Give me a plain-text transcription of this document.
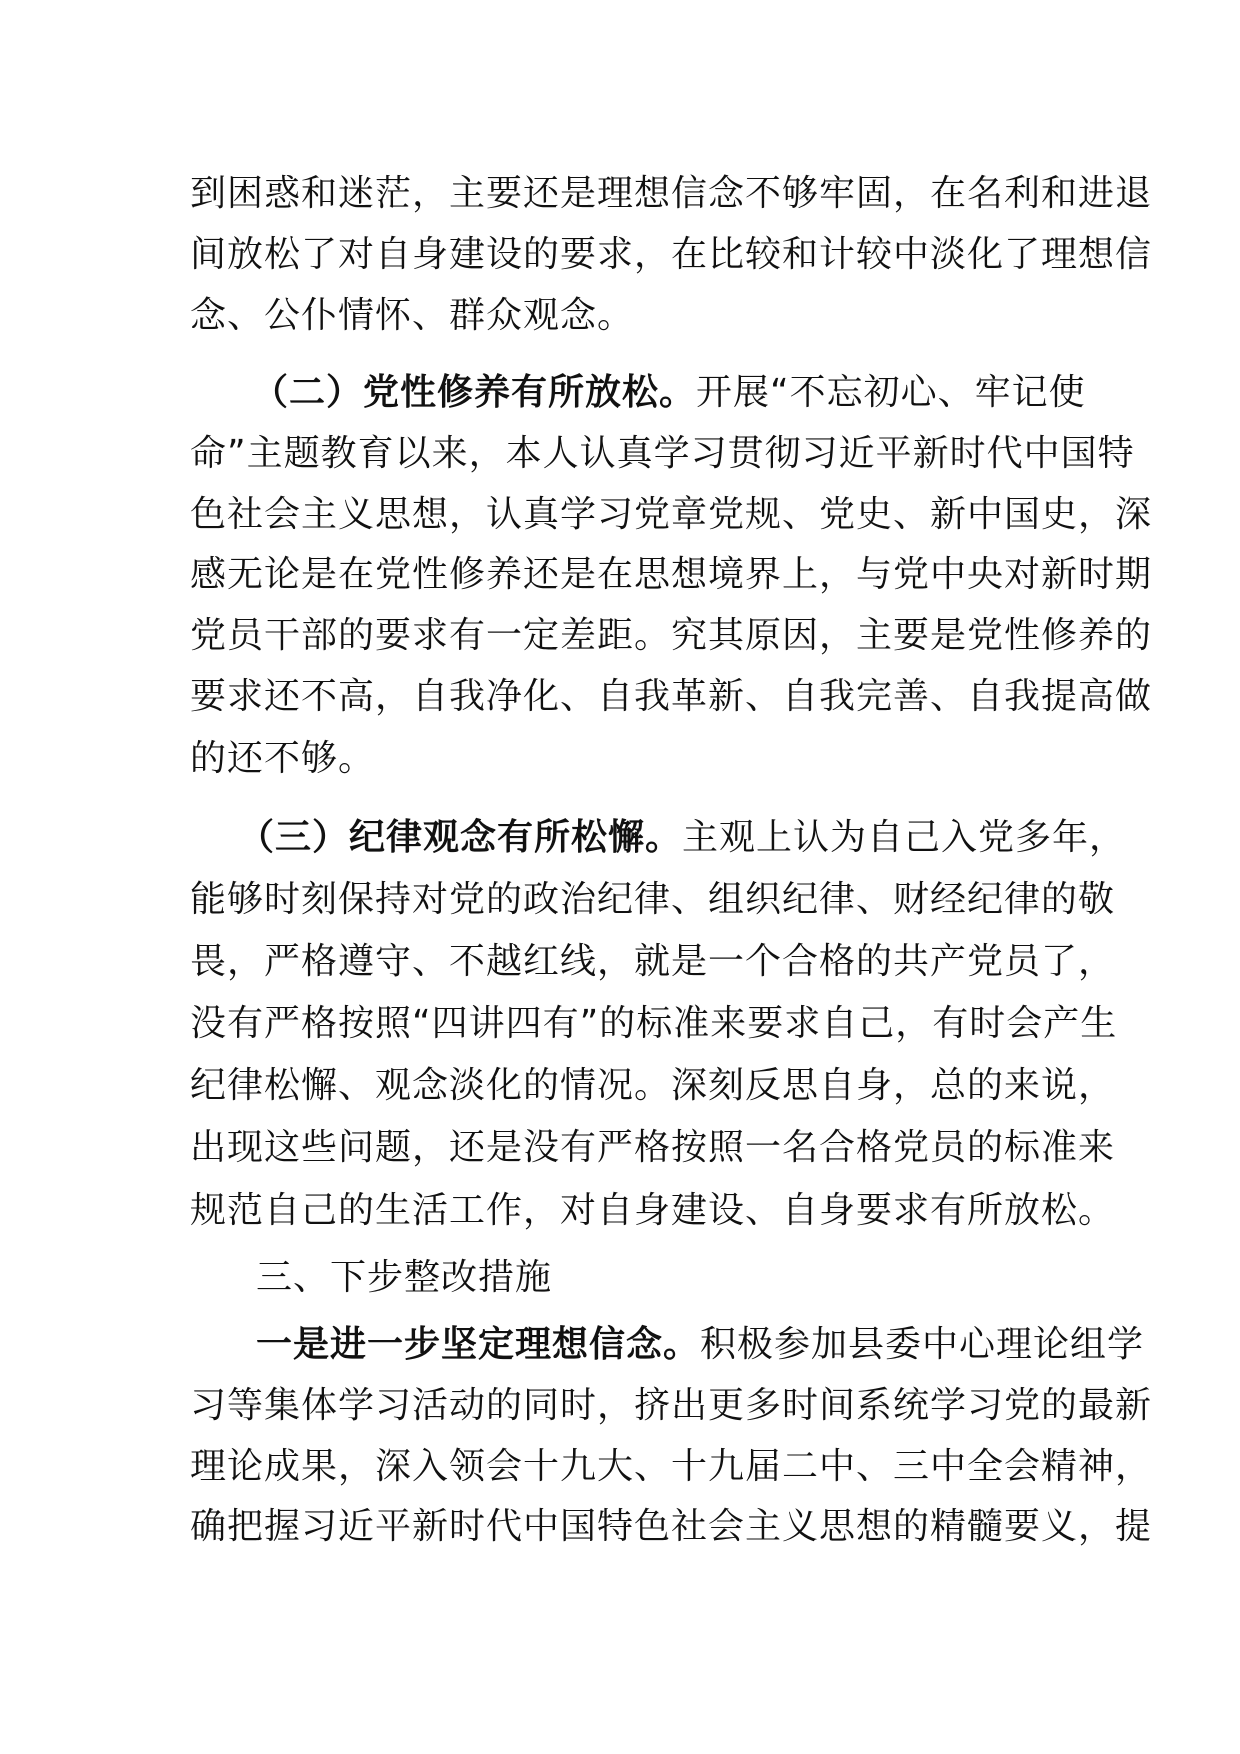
到困惑和迷茫，主要还是理想信念不够牢固，在名利和进退
间放松了对自身建设的要求，在比较和计较中淡化了理想信
念、公仆情怀、群众观念。
（二）党性修养有所放松。开展“不忘初心、牢记使
命”主题教育以来，本人认真学习贯彻习近平新时代中国特
色社会主义思想，认真学习党章党规、党史、新中国史，深
感无论是在党性修养还是在思想境界上，与党中央对新时期
党员干部的要求有一定差距。究其原因，主要是党性修养的
要求还不高，自我净化、自我革新、自我完善、自我提高做
的还不够。
（三）纪律观念有所松懈。主观上认为自己入党多年，
能够时刻保持对党的政治纪律、组织纪律、财经纪律的敬
畏，严格遵守、不越红线，就是一个合格的共产党员了，
没有严格按照“四讲四有”的标准来要求自己，有时会产生
纪律松懈、观念淡化的情况。深刻反思自身，总的来说，
出现这些问题，还是没有严格按照一名合格党员的标准来
规范自己的生活工作，对自身建设、自身要求有所放松。
三、下步整改措施
一是进一步坚定理想信念。积极参加县委中心理论组学
习等集体学习活动的同时，挤出更多时间系统学习党的最新
理论成果，深入领会十九大、十九届二中、三中全会精神，
确把握习近平新时代中国特色社会主义思想的精髓要义，提
